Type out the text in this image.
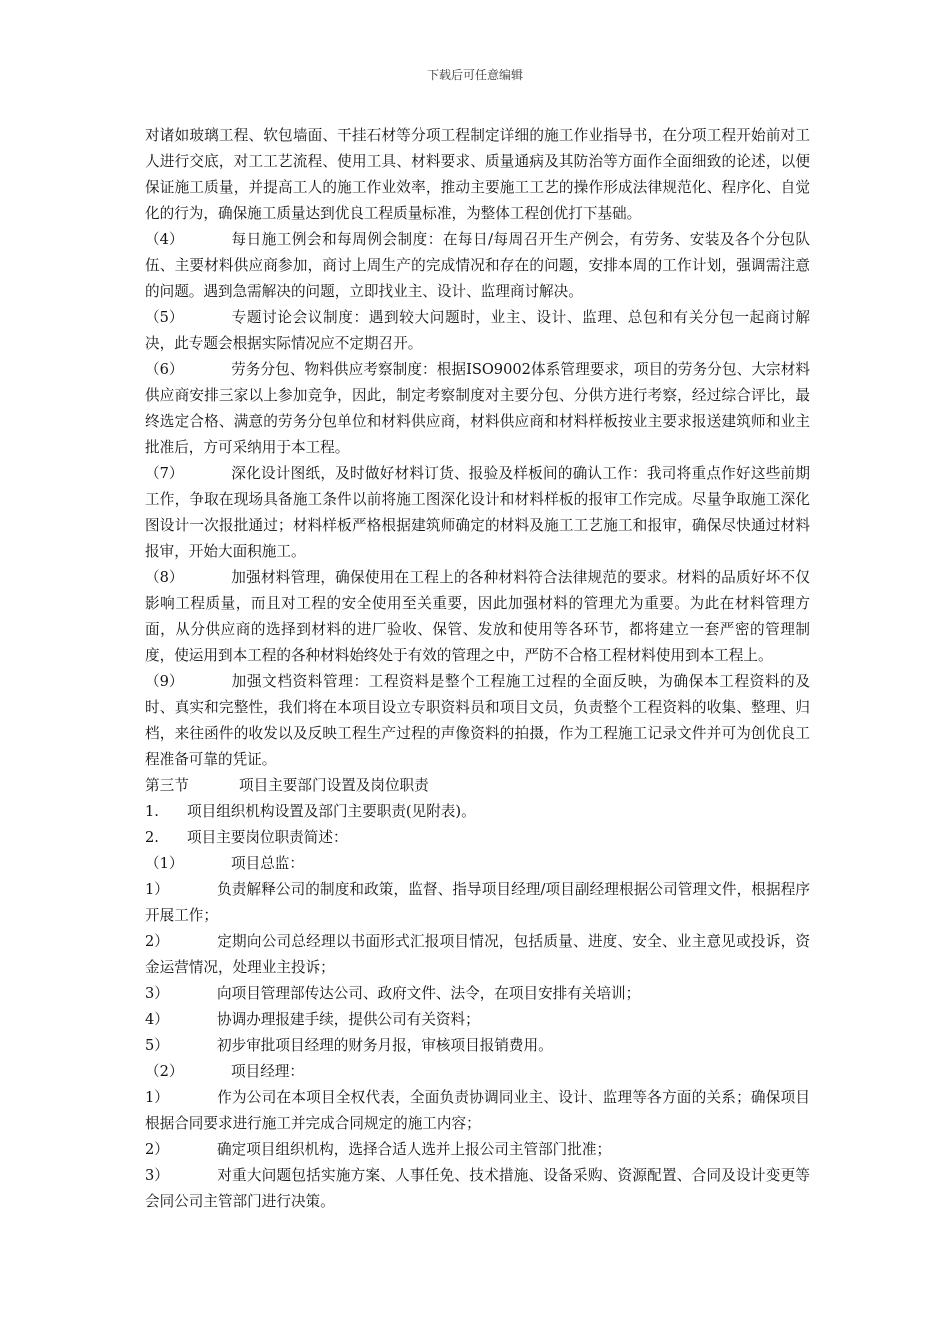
下载后可任意编辑

对诸如玻璃工程、软包墙面、干挂石材等分项工程制定详细的施工作业指导书，在分项工程开始前对工人进行交底，对工工艺流程、使用工具、材料要求、质量通病及其防治等方面作全面细致的论述，以便保证施工质量，并提高工人的施工作业效率，推动主要施工工艺的操作形成法律规范化、程序化、自觉化的行为，确保施工质量达到优良工程质量标准，为整体工程创优打下基础。

（4）	每日施工例会和每周例会制度：在每日/每周召开生产例会，有劳务、安装及各个分包队伍、主要材料供应商参加，商讨上周生产的完成情况和存在的问题，安排本周的工作计划，强调需注意的问题。遇到急需解决的问题，立即找业主、设计、监理商讨解决。

（5）	专题讨论会议制度：遇到较大问题时，业主、设计、监理、总包和有关分包一起商讨解决，此专题会根据实际情况应不定期召开。

（6）	劳务分包、物料供应考察制度：根据ISO9002体系管理要求，项目的劳务分包、大宗材料供应商安排三家以上参加竞争，因此，制定考察制度对主要分包、分供方进行考察，经过综合评比，最终选定合格、满意的劳务分包单位和材料供应商，材料供应商和材料样板按业主要求报送建筑师和业主批准后，方可采纳用于本工程。

（7）	深化设计图纸，及时做好材料订货、报验及样板间的确认工作：我司将重点作好这些前期工作，争取在现场具备施工条件以前将施工图深化设计和材料样板的报审工作完成。尽量争取施工深化图设计一次报批通过；材料样板严格根据建筑师确定的材料及施工工艺施工和报审，确保尽快通过材料报审，开始大面积施工。

（8）	加强材料管理，确保使用在工程上的各种材料符合法律规范的要求。材料的品质好坏不仅影响工程质量，而且对工程的安全使用至关重要，因此加强材料的管理尤为重要。为此在材料管理方面，从分供应商的选择到材料的进厂验收、保管、发放和使用等各环节，都将建立一套严密的管理制度，使运用到本工程的各种材料始终处于有效的管理之中，严防不合格工程材料使用到本工程上。

（9）	加强文档资料管理：工程资料是整个工程施工过程的全面反映，为确保本工程资料的及时、真实和完整性，我们将在本项目设立专职资料员和项目文员，负责整个工程资料的收集、整理、归档，来往函件的收发以及反映工程生产过程的声像资料的拍摄，作为工程施工记录文件并可为创优良工程准备可靠的凭证。

第三节	项目主要部门设置及岗位职责

1. 项目组织机构设置及部门主要职责(见附表)。

2. 项目主要岗位职责简述：

（1）	项目总监：

1）	负责解释公司的制度和政策，监督、指导项目经理/项目副经理根据公司管理文件，根据程序开展工作；

2）	定期向公司总经理以书面形式汇报项目情况，包括质量、进度、安全、业主意见或投诉，资金运营情况，处理业主投诉；

3）	向项目管理部传达公司、政府文件、法令，在项目安排有关培训；

4）	协调办理报建手续，提供公司有关资料；

5）	初步审批项目经理的财务月报，审核项目报销费用。

（2）	项目经理：

1）	作为公司在本项目全权代表，全面负责协调同业主、设计、监理等各方面的关系；确保项目根据合同要求进行施工并完成合同规定的施工内容；

2）	确定项目组织机构，选择合适人选并上报公司主管部门批准；

3）	对重大问题包括实施方案、人事任免、技术措施、设备采购、资源配置、合同及设计变更等会同公司主管部门进行决策。
